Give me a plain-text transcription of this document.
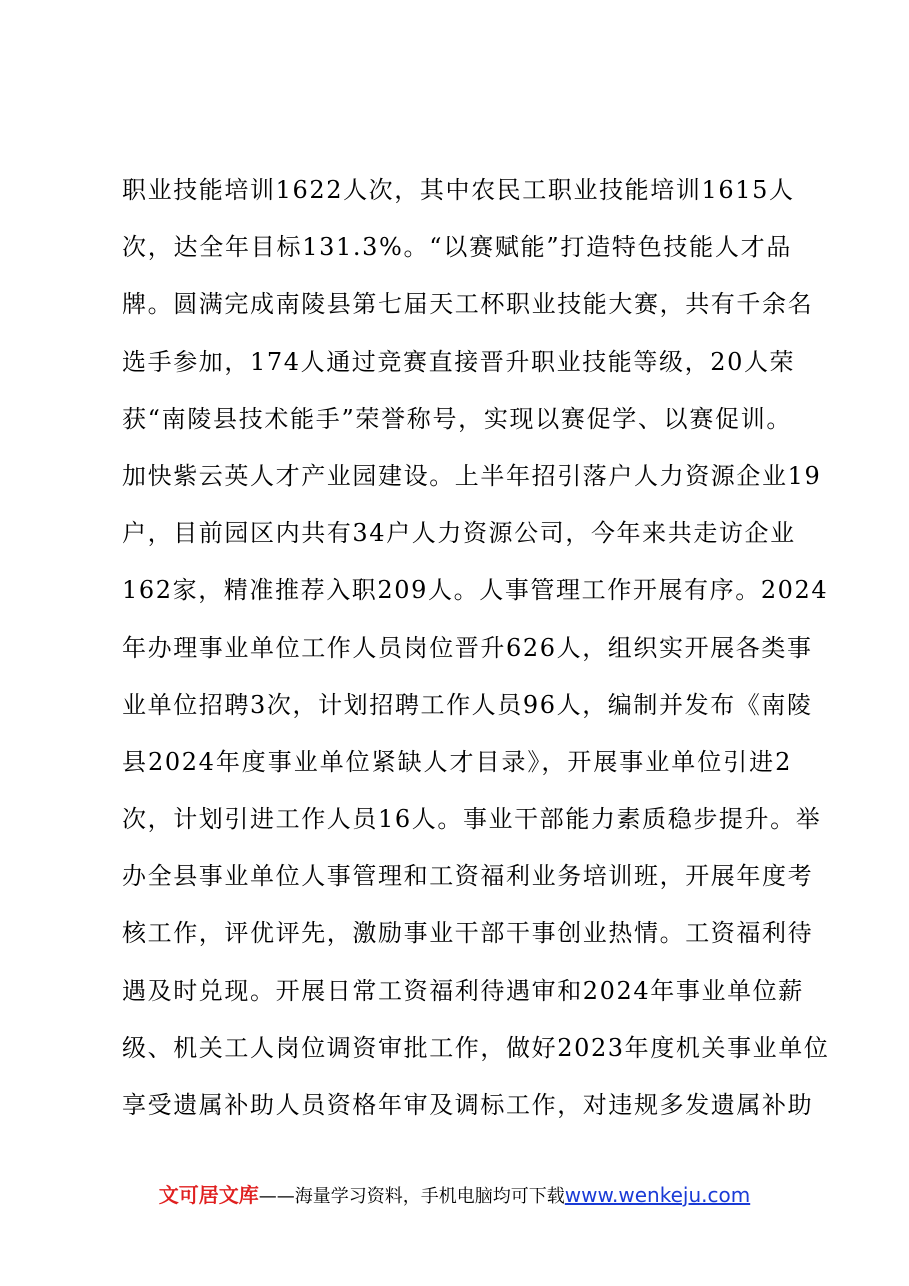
职业技能培训1622人次，其中农民工职业技能培训1615人
次，达全年目标131.3%。“以赛赋能”打造特色技能人才品
牌。圆满完成南陵县第七届天工杯职业技能大赛，共有千余名
选手参加，174人通过竞赛直接晋升职业技能等级，20人荣
获“南陵县技术能手”荣誉称号，实现以赛促学、以赛促训。
加快紫云英人才产业园建设。上半年招引落户人力资源企业19
户，目前园区内共有34户人力资源公司，今年来共走访企业
162家，精准推荐入职209人。人事管理工作开展有序。2024
年办理事业单位工作人员岗位晋升626人，组织实开展各类事
业单位招聘3次，计划招聘工作人员96人，编制并发布《南陵
县2024年度事业单位紧缺人才目录》，开展事业单位引进2
次，计划引进工作人员16人。事业干部能力素质稳步提升。举
办全县事业单位人事管理和工资福利业务培训班，开展年度考
核工作，评优评先，激励事业干部干事创业热情。工资福利待
遇及时兑现。开展日常工资福利待遇审和2024年事业单位薪
级、机关工人岗位调资审批工作，做好2023年度机关事业单位
享受遗属补助人员资格年审及调标工作，对违规多发遗属补助
文可居文库——海量学习资料，手机电脑均可下载www.wenkeju.com
